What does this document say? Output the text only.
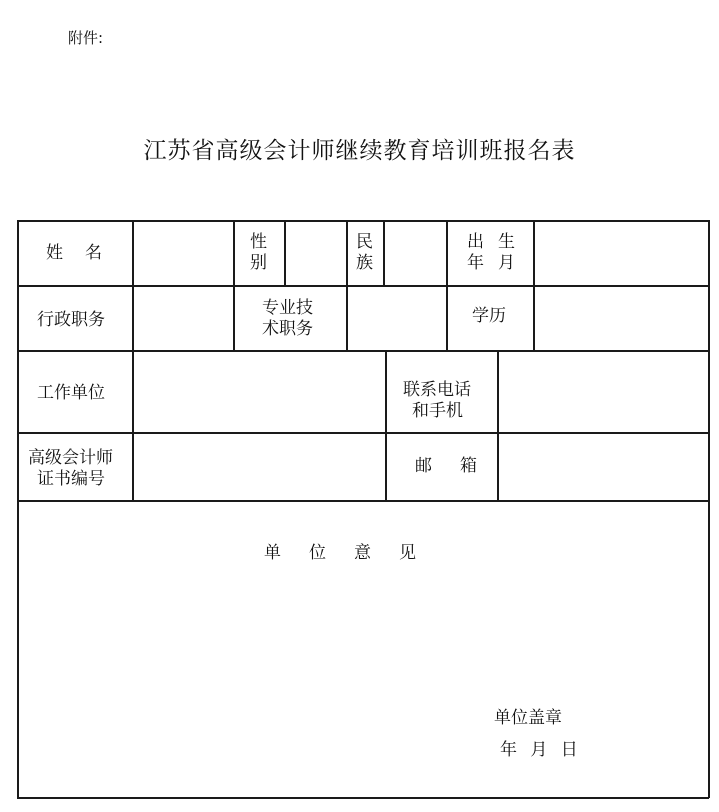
附件:
江苏省高级会计师继续教育培训班报名表
姓名
性
别
民
族
出生
年月
行政职务
专业技
术职务
学历
工作单位	联系电话
和手机
高级会计师
证书编号
邮箱
单位意见
单位盖章
年 月 日
